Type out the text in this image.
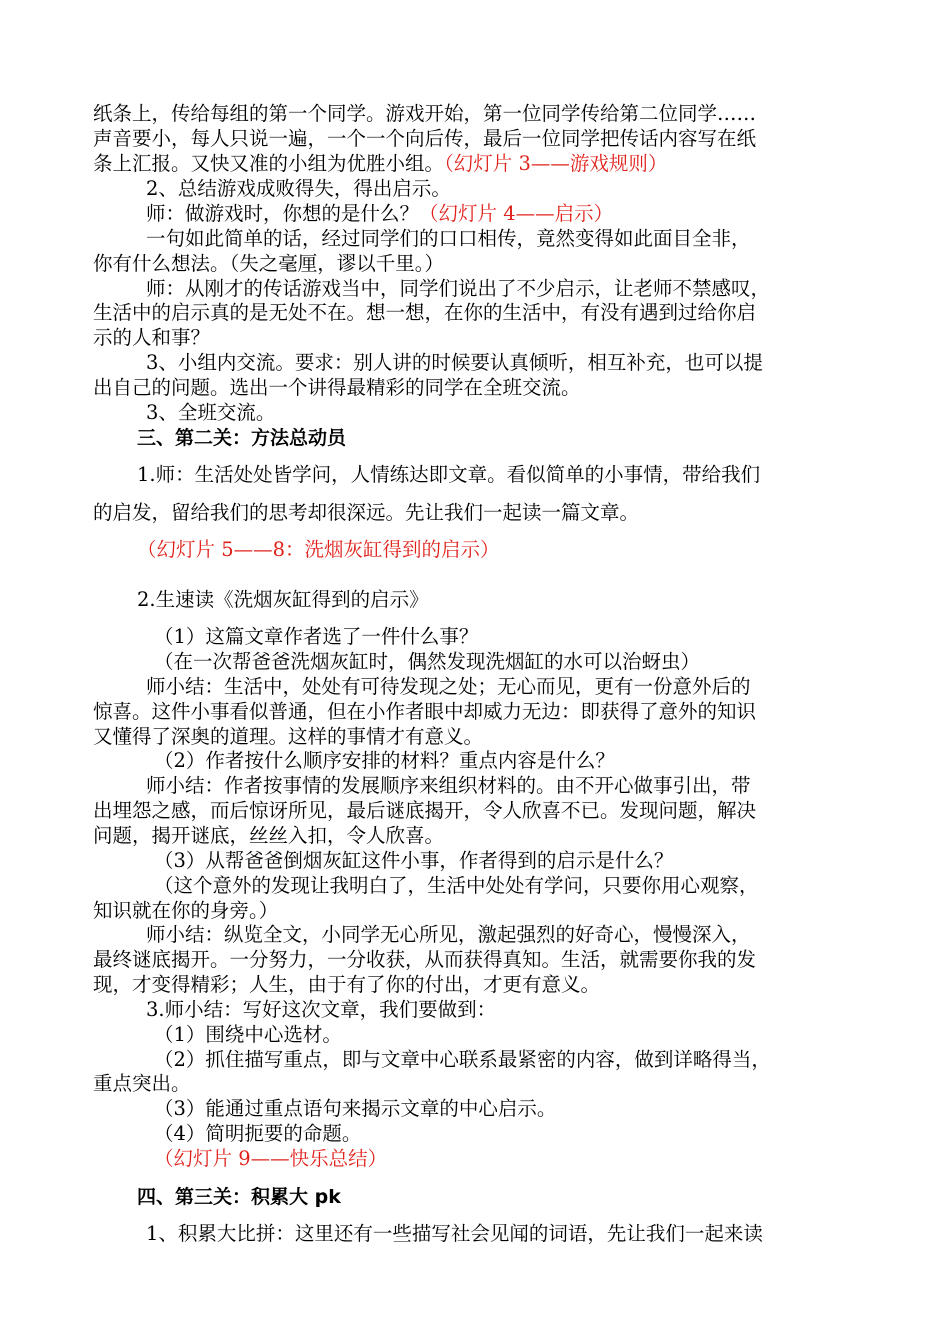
纸条上，传给每组的第一个同学。游戏开始，第一位同学传给第二位同学……
声音要小，每人只说一遍，一个一个向后传，最后一位同学把传话内容写在纸
条上汇报。又快又准的小组为优胜小组。（幻灯片 3——游戏规则）
2、总结游戏成败得失，得出启示。
师：做游戏时，你想的是什么？（幻灯片 4——启示）
一句如此简单的话，经过同学们的口口相传，竟然变得如此面目全非，
你有什么想法。（失之毫厘，谬以千里。）
师：从刚才的传话游戏当中，同学们说出了不少启示，让老师不禁感叹，
生活中的启示真的是无处不在。想一想，在你的生活中，有没有遇到过给你启
示的人和事？
3、小组内交流。要求：别人讲的时候要认真倾听，相互补充，也可以提
出自己的问题。选出一个讲得最精彩的同学在全班交流。
3、全班交流。
三、第二关：方法总动员
1.师：生活处处皆学问，人情练达即文章。看似简单的小事情，带给我们
的启发，留给我们的思考却很深远。先让我们一起读一篇文章。
（幻灯片 5——8：洗烟灰缸得到的启示）
2.生速读《洗烟灰缸得到的启示》
（1）这篇文章作者选了一件什么事？
（在一次帮爸爸洗烟灰缸时，偶然发现洗烟缸的水可以治蚜虫）
师小结：生活中，处处有可待发现之处；无心而见，更有一份意外后的
惊喜。这件小事看似普通，但在小作者眼中却威力无边：即获得了意外的知识
又懂得了深奥的道理。这样的事情才有意义。
（2）作者按什么顺序安排的材料？重点内容是什么？
师小结：作者按事情的发展顺序来组织材料的。由不开心做事引出，带
出埋怨之感，而后惊讶所见，最后谜底揭开，令人欣喜不已。发现问题，解决
问题，揭开谜底，丝丝入扣，令人欣喜。
（3）从帮爸爸倒烟灰缸这件小事，作者得到的启示是什么？
（这个意外的发现让我明白了，生活中处处有学问，只要你用心观察，
知识就在你的身旁。）
师小结：纵览全文，小同学无心所见，激起强烈的好奇心，慢慢深入，
最终谜底揭开。一分努力，一分收获，从而获得真知。生活，就需要你我的发
现，才变得精彩；人生，由于有了你的付出，才更有意义。
3.师小结：写好这次文章，我们要做到：
（1）围绕中心选材。
（2）抓住描写重点，即与文章中心联系最紧密的内容，做到详略得当，
重点突出。
（3）能通过重点语句来揭示文章的中心启示。
（4）简明扼要的命题。
（幻灯片 9——快乐总结）
四、第三关：积累大 pk
1、积累大比拼：这里还有一些描写社会见闻的词语，先让我们一起来读
